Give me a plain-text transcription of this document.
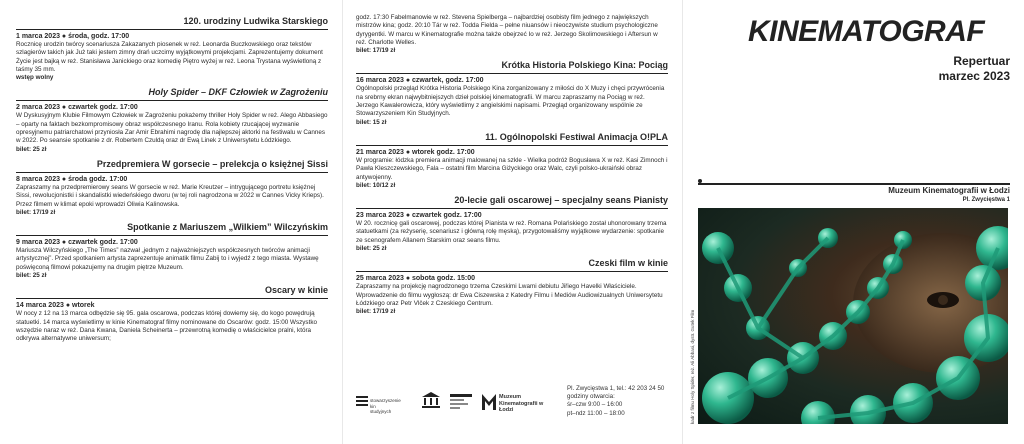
120. urodziny Ludwika Starskiego
1 marca 2023 ● środa, godz. 17:00
Rocznicę urodzin twórcy scenariusza Zakazanych piosenek w reż. Leonarda Buczkowskiego oraz tekstów szlagierów takich jak Już taki jestem zimny drań uczcimy wyjątkowymi projekcjami. Zaprezentujemy dokument Życie jest bajką w reż. Stanisława Janickiego oraz komedię Piętro wyżej w reż. Leona Trystana wyświetloną z taśmy 35 mm.
wstęp wolny
Holy Spider – DKF Człowiek w Zagrożeniu
2 marca 2023 ● czwartek godz. 17:00
W Dyskusyjnym Klubie Filmowym Człowiek w Zagrożeniu pokażemy thriller Holy Spider w reż. Alego Abbasiego – oparty na faktach bezkompromisowy obraz współczesnego Iranu. Rola kobiety rzucającej wyzwanie opresyjnemu patriarchatowi przyniosła Zar Amir Ebrahimi nagrodę dla najlepszej aktorki na festiwalu w Cannes w 2022. Po seansie spotkanie z dr. Robertem Czuldą oraz dr Ewą Linek z Uniwersytetu Łódzkiego.
bilet: 25 zł
Przedpremiera W gorsecie – prelekcja o księżnej Sissi
8 marca 2023 ● środa godz. 17:00
Zapraszamy na przedpremierowy seans W gorsecie w reż. Marie Kreutzer – intrygującego portretu księżnej Sissi, rewolucjonistki i skandalistki wiedeńskiego dworu (w tej roli nagrodzona w 2022 w Cannes Vicky Krieps). Przez filmem w klimat epoki wprowadzi Oliwia Kalinowska.
bilet: 17/19 zł
Spotkanie z Mariuszem „Wilkiem” Wilczyńskim
9 marca 2023 ● czwartek godz. 17:00
Mariusza Wilczyńskiego „The Times” nazwał „jednym z najważniejszych współczesnych twórców animacji artystycznej”. Przed spotkaniem artysta zaprezentuje animatik filmu Zabij to i wyjedź z tego miasta. Wystawę poświęconą filmowi pokazujemy na drugim piętrze Muzeum.
bilet: 25 zł
Oscary w kinie
14 marca 2023 ● wtorek
W nocy z 12 na 13 marca odbędzie się 95. gala oscarowa, podczas której dowiemy się, do kogo powędrują statuetki. 14 marca wyświetlimy w kinie Kinematograf filmy nominowane do Oscarów: godz. 15:00 Wszystko wszędzie naraz w reż. Dana Kwana, Daniela Scheinerta – przewrotną komedię o właścicielce pralni, która odkrywa alternatywne uniwersum;
godz. 17:30 Fabelmanowie w reż. Stevena Spielberga – najbardziej osobisty film jednego z największych mistrzów kina; godz. 20:10 Tár w reż. Todda Fielda – pełne niuansów i nieoczywiste studium psychologiczne dyrygentki. W marcu w Kinematografie można także obejrzeć Io w reż. Jerzego Skolimowskiego i Aftersun w reż. Charlotte Welles.
bilet: 17/19 zł
Krótka Historia Polskiego Kina: Pociąg
16 marca 2023 ● czwartek, godz. 17:00
Ogólnopolski przegląd Krótka Historia Polskiego Kina zorganizowany z miłości do X Muzy i chęci przywrócenia na srebrny ekran najwybitniejszych dzieł polskiej kinematografii. W marcu zapraszamy na Pociąg w reż. Jerzego Kawalerowicza, który wyświetlimy z angielskimi napisami. Przegląd organizowany wspólnie ze Stowarzyszeniem Kin Studyjnych.
bilet: 15 zł
11. Ogólnopolski Festiwal Animacja O!PLA
21 marca 2023 ● wtorek godz. 17:00
W programie: łódzka premiera animacji malowanej na szkle - Wielka podróż Bogusława X w reż. Kasi Zimnoch i Pawła Kleszczewskiego, Fala – ostatni film Marcina Giżyckiego oraz Walc, czyli polsko-ukraiński obraz antywojenny.
bilet: 10/12 zł
20-lecie gali oscarowej – specjalny seans Pianisty
23 marca 2023 ● czwartek godz. 17:00
W 20. rocznicę gali oscarowej, podczas której Pianista w reż. Romana Polańskiego został uhonorowany trzema statuetkami (za reżyserię, scenariusz i główną rolę męską), przygotowaliśmy wyjątkowe wydarzenie: spotkanie ze scenografem Allanem Starskim oraz seans filmu.
bilet: 25 zł
Czeski film w kinie
25 marca 2023 ● sobota godz. 15:00
Zapraszamy na projekcję nagrodzonego trzema Czeskimi Lwami debiutu Jiřiego Havelki Właściciele. Wprowadzenie do filmu wygłoszą: dr Ewa Ciszewska z Katedry Filmu i Mediów Audiowizualnych Uniwersytetu Łódzkiego oraz Petr Vlček z Czeskiego Centrum.
bilet: 17/19 zł
stowarzyszenie kin studyjnych
Muzeum Kinematografii w Łodzi
Pl. Zwycięstwa 1, tel.: 42 203 24 50
godziny otwarcia:
śr–czw 9:00 – 16:00
pt–ndz 11:00 – 18:00
KINEMATOGRAF
Repertuar
marzec 2023
Muzeum Kinematografii w Łodzi
Pl. Zwycięstwa 1
kadr z filmu Holy Spider, reż. Ali Abbasi, dystr. Gutek Film
